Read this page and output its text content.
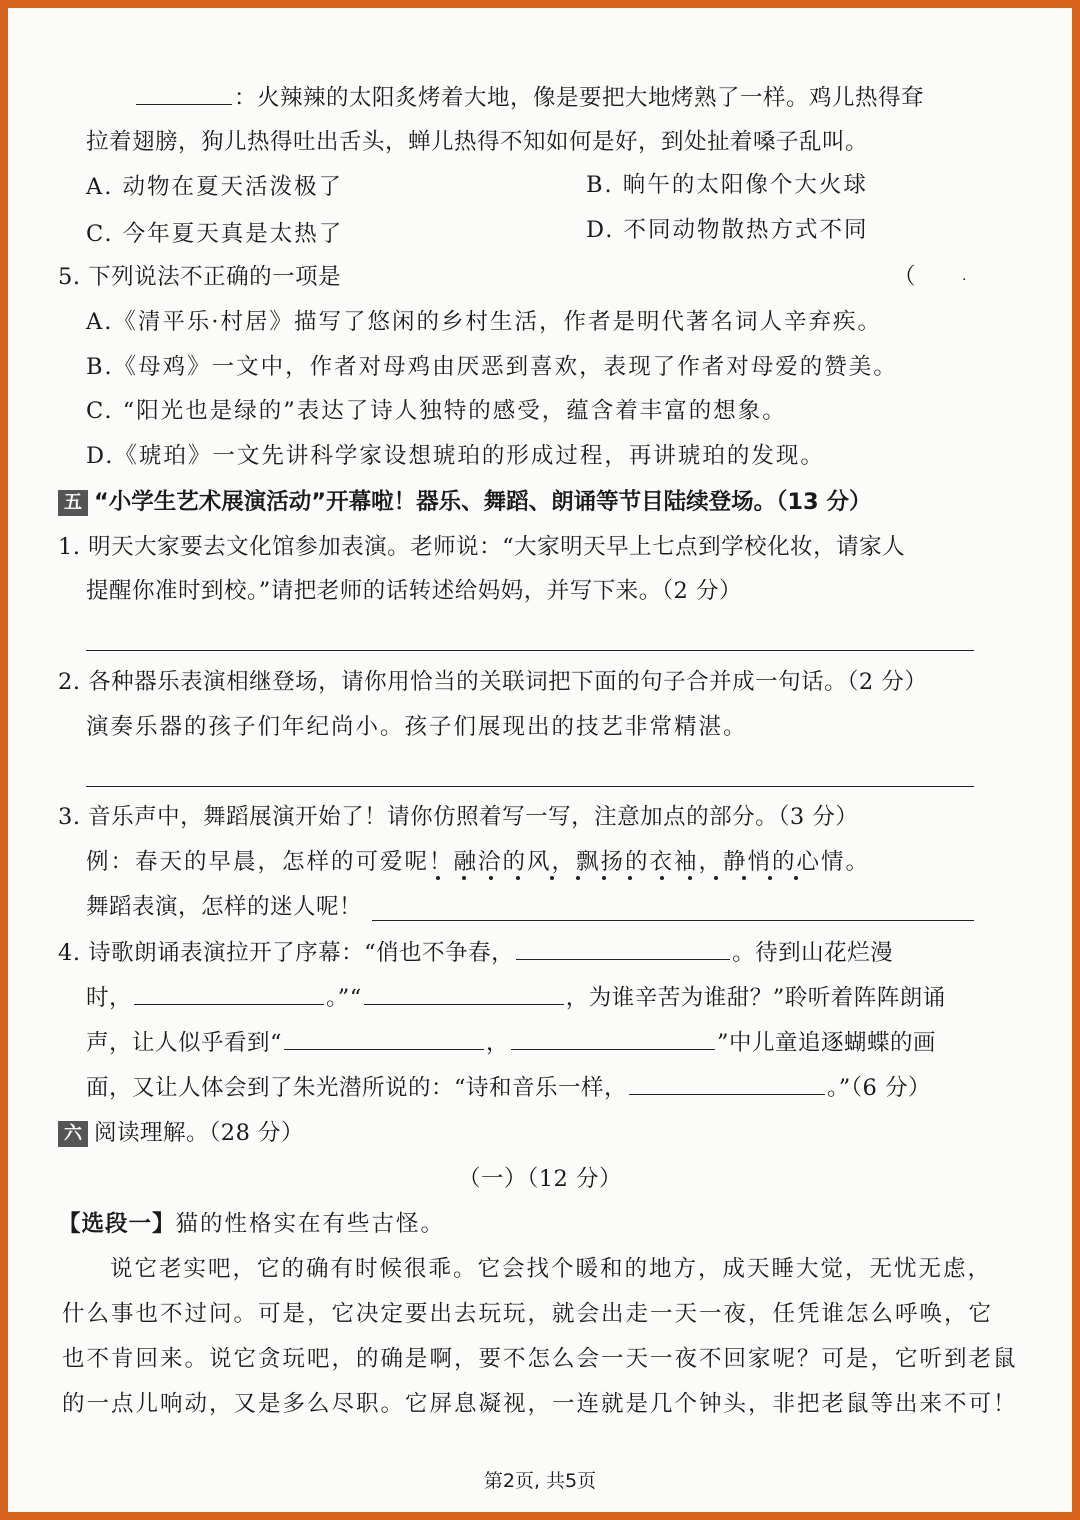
：火辣辣的太阳炙烤着大地，像是要把大地烤熟了一样。鸡儿热得耷
拉着翅膀，狗儿热得吐出舌头，蝉儿热得不知如何是好，到处扯着嗓子乱叫。
A. 动物在夏天活泼极了	B. 晌午的太阳像个大火球
C. 今年夏天真是太热了	D. 不同动物散热方式不同
5. 下列说法不正确的一项是	（	·
A.《清平乐·村居》描写了悠闲的乡村生活，作者是明代著名词人辛弃疾。
B.《母鸡》一文中，作者对母鸡由厌恶到喜欢，表现了作者对母爱的赞美。
C. “阳光也是绿的”表达了诗人独特的感受，蕴含着丰富的想象。
D.《琥珀》一文先讲科学家设想琥珀的形成过程，再讲琥珀的发现。
五 “小学生艺术展演活动”开幕啦！器乐、舞蹈、朗诵等节目陆续登场。（13 分）
1. 明天大家要去文化馆参加表演。老师说：“大家明天早上七点到学校化妆，请家人
提醒你准时到校。”请把老师的话转述给妈妈，并写下来。（2 分）
2. 各种器乐表演相继登场，请你用恰当的关联词把下面的句子合并成一句话。（2 分）
演奏乐器的孩子们年纪尚小。孩子们展现出的技艺非常精湛。
3. 音乐声中，舞蹈展演开始了！请你仿照着写一写，注意加点的部分。（3 分）
例：春天的早晨，怎样的可爱呢！融洽的风，飘扬的衣袖，静悄的心情。
舞蹈表演，怎样的迷人呢！
4. 诗歌朗诵表演拉开了序幕：“俏也不争春，	。待到山花烂漫
时，	。”“	，为谁辛苦为谁甜？”聆听着阵阵朗诵
声，让人似乎看到“	，	”中儿童追逐蝴蝶的画
面，又让人体会到了朱光潜所说的：“诗和音乐一样，	。”（6 分）
六 阅读理解。（28 分）
（一）（12 分）
【选段一】猫的性格实在有些古怪。
说它老实吧，它的确有时候很乖。它会找个暖和的地方，成天睡大觉，无忧无虑，
什么事也不过问。可是，它决定要出去玩玩，就会出走一天一夜，任凭谁怎么呼唤，它
也不肯回来。说它贪玩吧，的确是啊，要不怎么会一天一夜不回家呢？可是，它听到老鼠
的一点儿响动，又是多么尽职。它屏息凝视，一连就是几个钟头，非把老鼠等出来不可！
第2页, 共5页
